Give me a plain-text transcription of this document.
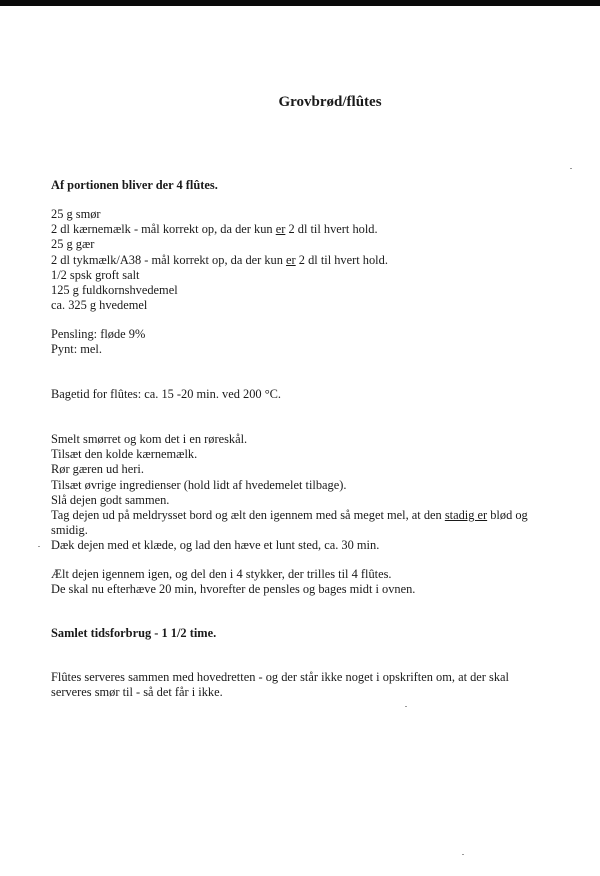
Grovbrød/flûtes

Af portionen bliver der 4 flûtes.

25 g smør
2 dl kærnemælk - mål korrekt op, da der kun er 2 dl til hvert hold.
25 g gær
2 dl tykmælk/A38 - mål korrekt op, da der kun er 2 dl til hvert hold.
1/2 spsk groft salt
125 g fuldkornshvedemel
ca. 325 g hvedemel
Pensling: fløde 9%
Pynt: mel.
Bagetid for flûtes: ca. 15 -20 min. ved 200 °C.
Smelt smørret og kom det i en røreskål.
Tilsæt den kolde kærnemælk.
Rør gæren ud heri.
Tilsæt øvrige ingredienser (hold lidt af hvedemelet tilbage).
Slå dejen godt sammen.
Tag dejen ud på meldrysset bord og ælt den igennem med så meget mel, at den stadig er blød og
smidig.
Dæk dejen med et klæde, og lad den hæve et lunt sted, ca. 30 min.
Ælt dejen igennem igen, og del den i 4 stykker, der trilles til 4 flûtes.
De skal nu efterhæve 20 min, hvorefter de pensles og bages midt i ovnen.
Samlet tidsforbrug - 1 1/2 time.
Flûtes serveres sammen med hovedretten - og der står ikke noget i opskriften om, at der skal
serveres smør til - så det får i ikke.
